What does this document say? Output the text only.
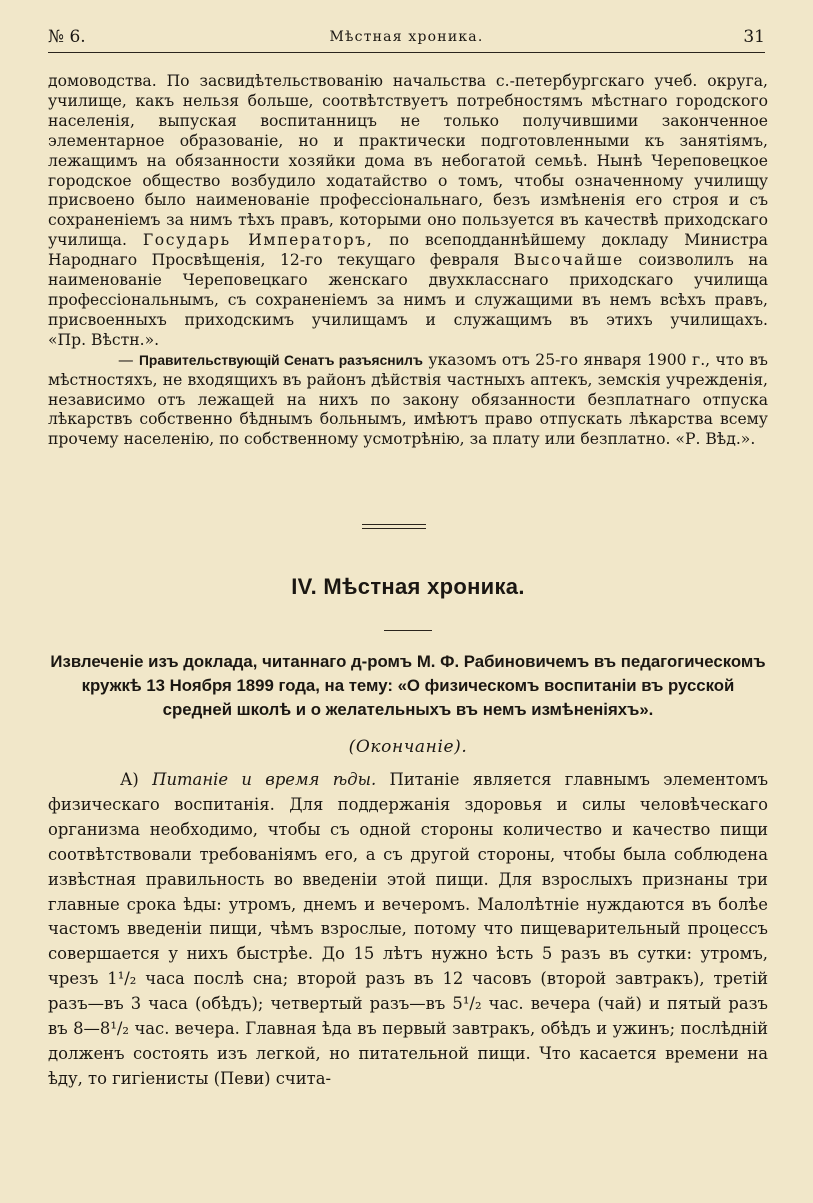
№ 6.	Мѣстная хроника.	31

домоводства. По засвидѣтельствованію начальства с.-петербургскаго учеб. округа, училище, какъ нельзя больше, соотвѣтствуетъ потребностямъ мѣстнаго городского населенія, выпуская воспитанницъ не только получившими законченное элементарное образованіе, но и практически подготовленными къ занятіямъ, лежащимъ на обязанности хозяйки дома въ небогатой семьѣ. Нынѣ Череповецкое городское общество возбудило ходатайство о томъ, чтобы означенному училищу присвоено было наименованіе профессіональнаго, безъ измѣненія его строя и съ сохраненіемъ за нимъ тѣхъ правъ, которыми оно пользуется въ качествѣ приходскаго училища. Государь Императоръ, по всеподданнѣйшему докладу Министра Народнаго Просвѣщенія, 12-го текущаго февраля Высочайше соизволилъ на наименованіе Череповецкаго женскаго двухкласснаго приходскаго училища профессіональнымъ, съ сохраненіемъ за нимъ и служащими въ немъ всѣхъ правъ, присвоенныхъ приходскимъ училищамъ и служащимъ въ этихъ училищахъ. «Пр. Вѣстн.».

— Правительствующій Сенатъ разъяснилъ указомъ отъ 25-го января 1900 г., что въ мѣстностяхъ, не входящихъ въ районъ дѣйствія частныхъ аптекъ, земскія учрежденія, независимо отъ лежащей на нихъ по закону обязанности безплатнаго отпуска лѣкарствъ собственно бѣднымъ больнымъ, имѣютъ право отпускать лѣкарства всему прочему населенію, по собственному усмотрѣнію, за плату или безплатно. «Р. Вѣд.».

IV. Мѣстная хроника.
Извлеченіе изъ доклада, читаннаго д-ромъ М. Ф. Рабиновичемъ въ педагогическомъ кружкѣ 13 Ноября 1899 года, на тему: «О физическомъ воспитаніи въ русской средней школѣ и о желательныхъ въ немъ измѣненіяхъ».
(Окончаніе).

А) Питаніе и время ѣды. Питаніе является главнымъ элементомъ физическаго воспитанія. Для поддержанія здоровья и силы человѣческаго организма необходимо, чтобы съ одной стороны количество и качество пищи соотвѣтствовали требованіямъ его, а съ другой стороны, чтобы была соблюдена извѣстная правильность во введеніи этой пищи. Для взрослыхъ признаны три главные срока ѣды: утромъ, днемъ и вечеромъ. Малолѣтніе нуждаются въ болѣе частомъ введеніи пищи, чѣмъ взрослые, потому что пищеварительный процессъ совершается у нихъ быстрѣе. До 15 лѣтъ нужно ѣсть 5 разъ въ сутки: утромъ, чрезъ 1¹/₂ часа послѣ сна; второй разъ въ 12 часовъ (второй завтракъ), третій разъ—въ 3 часа (обѣдъ); четвертый разъ—въ 5¹/₂ час. вечера (чай) и пятый разъ въ 8—8¹/₂ час. вечера. Главная ѣда въ первый завтракъ, обѣдъ и ужинъ; послѣдній долженъ состоять изъ легкой, но питательной пищи. Что касается времени на ѣду, то гигіенисты (Певи) счита-
